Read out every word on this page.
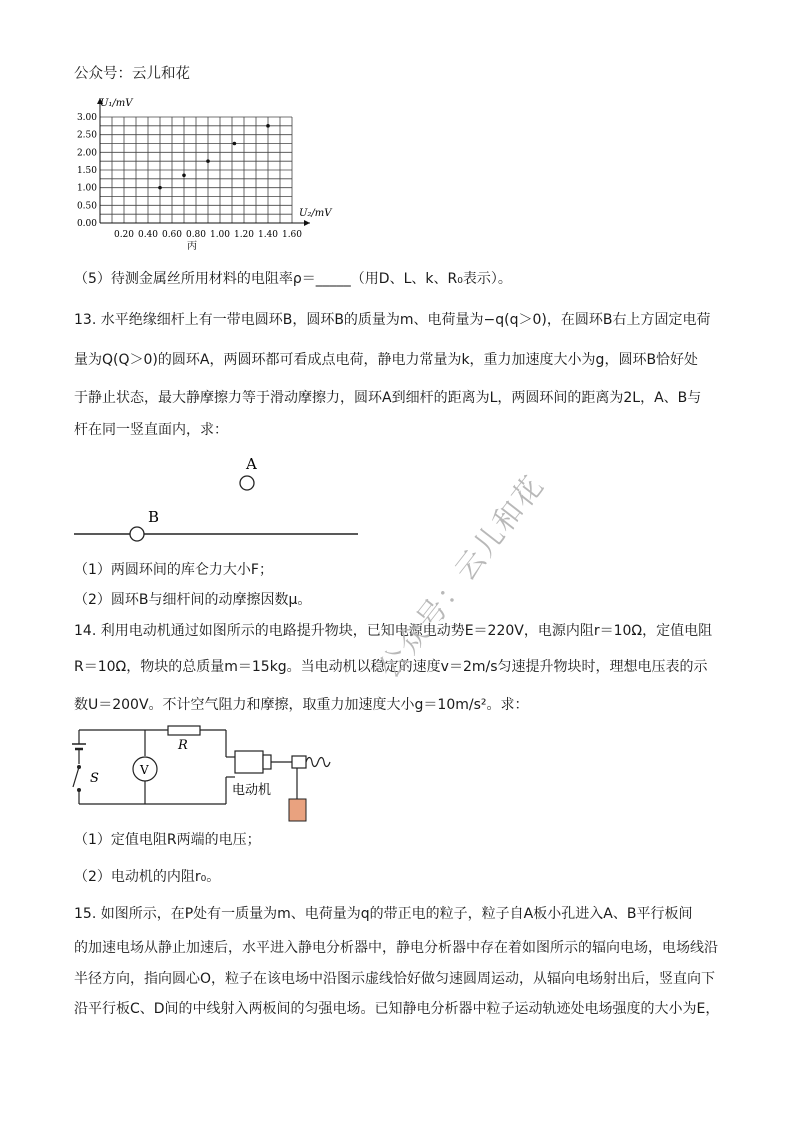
公众号：云儿和花
0.20 0.40 0.60 0.80 1.00 1.20 1.40 1.60
0.00
0.50
1.00
1.50
2.00
2.50
3.00
U₁/mV
U₂/mV
丙
（5）待测金属丝所用材料的电阻率ρ＝_____（用D、L、k、R₀表示）。
13. 水平绝缘细杆上有一带电圆环B，圆环B的质量为m、电荷量为−q(q＞0)，在圆环B右上方固定电荷
量为Q(Q＞0)的圆环A，两圆环都可看成点电荷，静电力常量为k，重力加速度大小为g，圆环B恰好处
于静止状态，最大静摩擦力等于滑动摩擦力，圆环A到细杆的距离为L，两圆环间的距离为2L，A、B与
杆在同一竖直面内，求：
A
B
（1）两圆环间的库仑力大小F；
（2）圆环B与细杆间的动摩擦因数μ。
14. 利用电动机通过如图所示的电路提升物块，已知电源电动势E＝220V，电源内阻r＝10Ω，定值电阻
R＝10Ω，物块的总质量m＝15kg。当电动机以稳定的速度v＝2m/s匀速提升物块时，理想电压表的示
数U＝200V。不计空气阻力和摩擦，取重力加速度大小g＝10m/s²。求：
S
V
R
电动机
（1）定值电阻R两端的电压；
（2）电动机的内阻r₀。
15. 如图所示，在P处有一质量为m、电荷量为q的带正电的粒子，粒子自A板小孔进入A、B平行板间
的加速电场从静止加速后，水平进入静电分析器中，静电分析器中存在着如图所示的辐向电场，电场线沿
半径方向，指向圆心O，粒子在该电场中沿图示虚线恰好做匀速圆周运动，从辐向电场射出后，竖直向下
沿平行板C、D间的中线射入两板间的匀强电场。已知静电分析器中粒子运动轨迹处电场强度的大小为E，
公众号：云儿和花
